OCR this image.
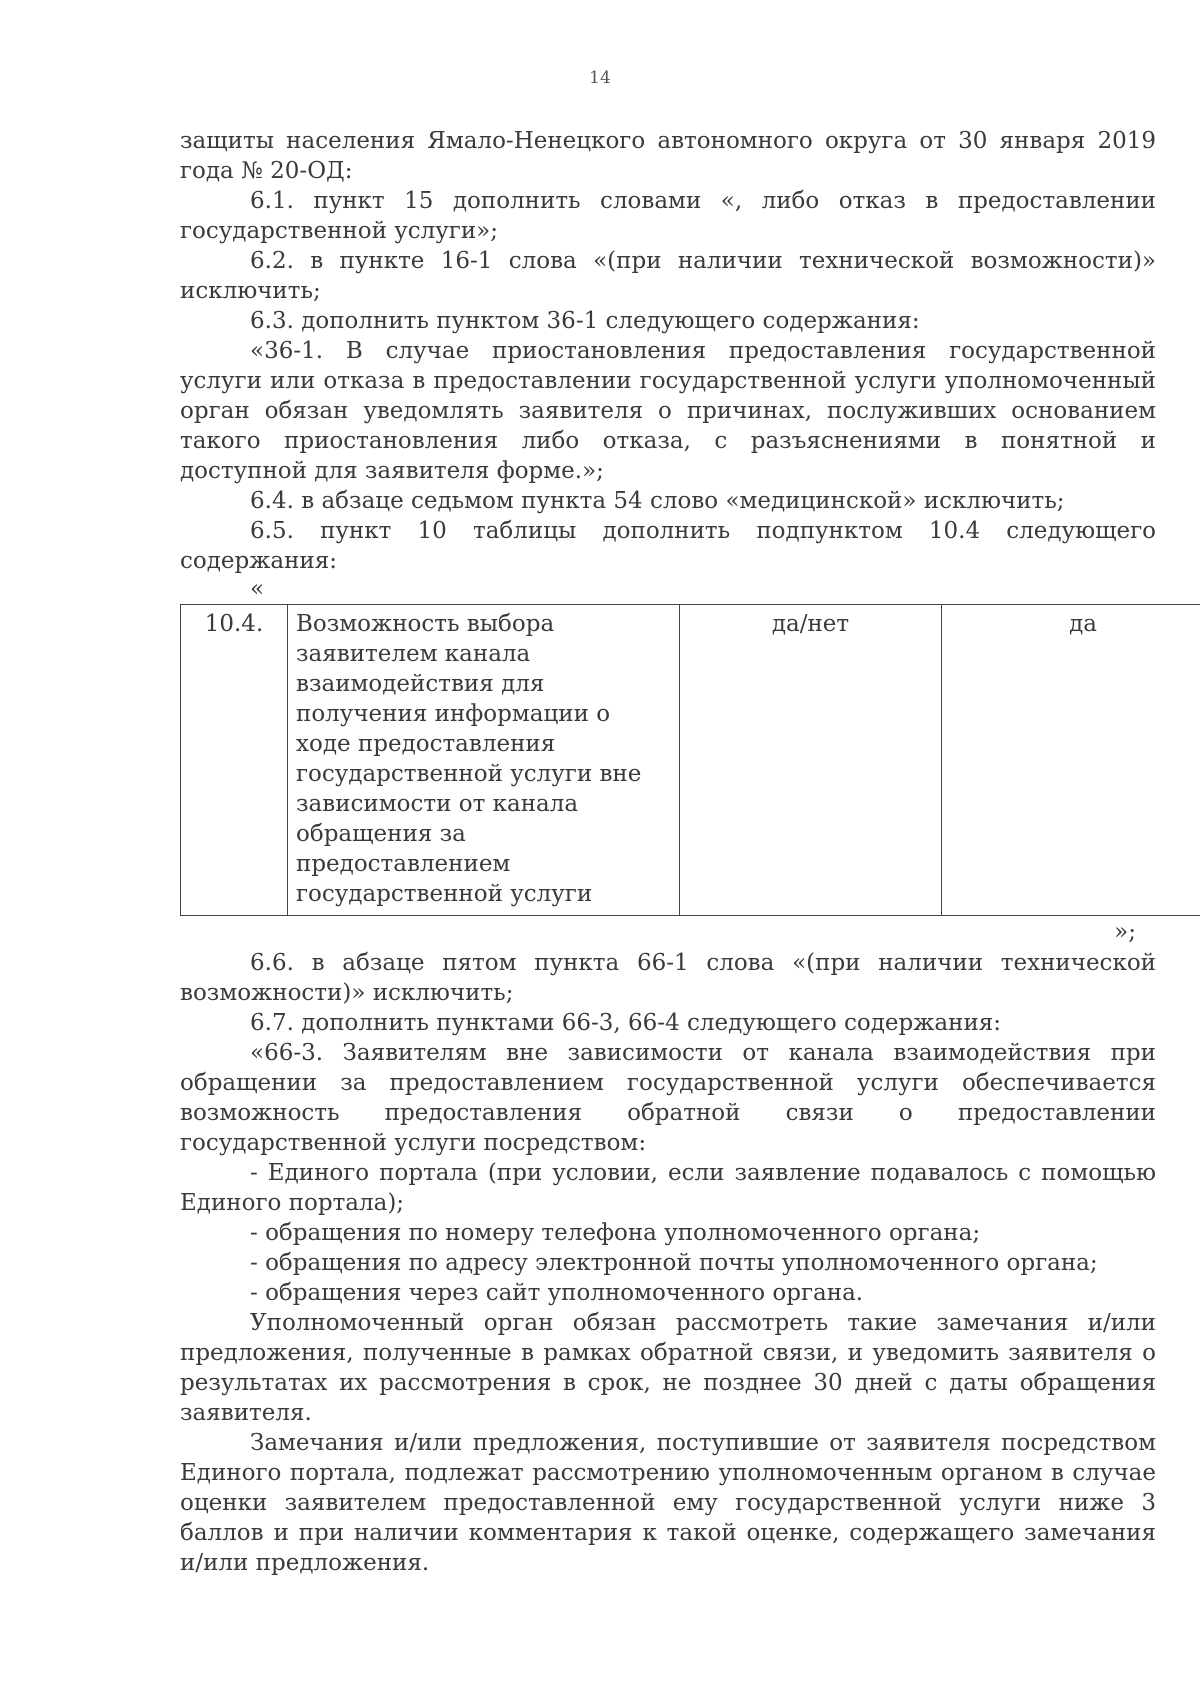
14

защиты населения Ямало-Ненецкого автономного округа от 30 января 2019 года № 20-ОД:

6.1. пункт 15 дополнить словами «, либо отказ в предоставлении государственной услуги»;

6.2. в пункте 16-1 слова «(при наличии технической возможности)» исключить;

6.3. дополнить пунктом 36-1 следующего содержания:

«36-1. В случае приостановления предоставления государственной услуги или отказа в предоставлении государственной услуги уполномоченный орган обязан уведомлять заявителя о причинах, послуживших основанием такого приостановления либо отказа, с разъяснениями в понятной и доступной для заявителя форме.»;

6.4. в абзаце седьмом пункта 54 слово «медицинской» исключить;

6.5. пункт 10 таблицы дополнить подпунктом 10.4 следующего содержания:

«

10.4.	Возможность выбора заявителем канала взаимодействия для получения информации о ходе предоставления государственной услуги вне зависимости от канала обращения за предоставлением государственной услуги	да/нет	да

»;

6.6. в абзаце пятом пункта 66-1 слова «(при наличии технической возможности)» исключить;

6.7. дополнить пунктами 66-3, 66-4 следующего содержания:

«66-3. Заявителям вне зависимости от канала взаимодействия при обращении за предоставлением государственной услуги обеспечивается возможность предоставления обратной связи о предоставлении государственной услуги посредством:

- Единого портала (при условии, если заявление подавалось с помощью Единого портала);

- обращения по номеру телефона уполномоченного органа;

- обращения по адресу электронной почты уполномоченного органа;

- обращения через сайт уполномоченного органа.

Уполномоченный орган обязан рассмотреть такие замечания и/или предложения, полученные в рамках обратной связи, и уведомить заявителя о результатах их рассмотрения в срок, не позднее 30 дней с даты обращения заявителя.

Замечания и/или предложения, поступившие от заявителя посредством Единого портала, подлежат рассмотрению уполномоченным органом в случае оценки заявителем предоставленной ему государственной услуги ниже 3 баллов и при наличии комментария к такой оценке, содержащего замечания и/или предложения.
